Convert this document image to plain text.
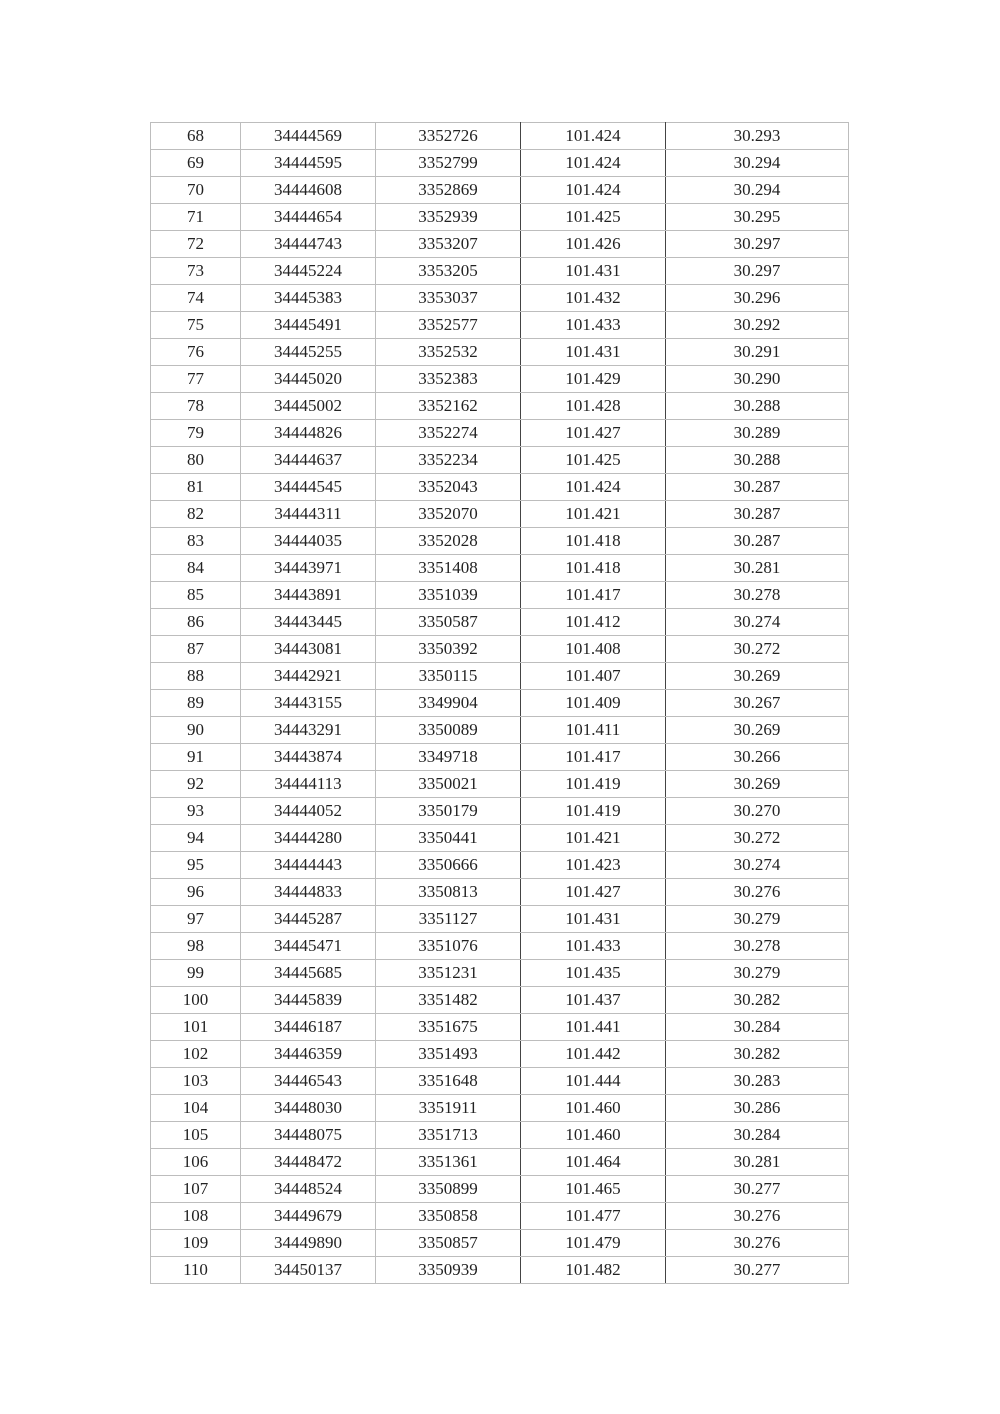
68	34444569	3352726	101.424	30.293
69	34444595	3352799	101.424	30.294
70	34444608	3352869	101.424	30.294
71	34444654	3352939	101.425	30.295
72	34444743	3353207	101.426	30.297
73	34445224	3353205	101.431	30.297
74	34445383	3353037	101.432	30.296
75	34445491	3352577	101.433	30.292
76	34445255	3352532	101.431	30.291
77	34445020	3352383	101.429	30.290
78	34445002	3352162	101.428	30.288
79	34444826	3352274	101.427	30.289
80	34444637	3352234	101.425	30.288
81	34444545	3352043	101.424	30.287
82	34444311	3352070	101.421	30.287
83	34444035	3352028	101.418	30.287
84	34443971	3351408	101.418	30.281
85	34443891	3351039	101.417	30.278
86	34443445	3350587	101.412	30.274
87	34443081	3350392	101.408	30.272
88	34442921	3350115	101.407	30.269
89	34443155	3349904	101.409	30.267
90	34443291	3350089	101.411	30.269
91	34443874	3349718	101.417	30.266
92	34444113	3350021	101.419	30.269
93	34444052	3350179	101.419	30.270
94	34444280	3350441	101.421	30.272
95	34444443	3350666	101.423	30.274
96	34444833	3350813	101.427	30.276
97	34445287	3351127	101.431	30.279
98	34445471	3351076	101.433	30.278
99	34445685	3351231	101.435	30.279
100	34445839	3351482	101.437	30.282
101	34446187	3351675	101.441	30.284
102	34446359	3351493	101.442	30.282
103	34446543	3351648	101.444	30.283
104	34448030	3351911	101.460	30.286
105	34448075	3351713	101.460	30.284
106	34448472	3351361	101.464	30.281
107	34448524	3350899	101.465	30.277
108	34449679	3350858	101.477	30.276
109	34449890	3350857	101.479	30.276
110	34450137	3350939	101.482	30.277
